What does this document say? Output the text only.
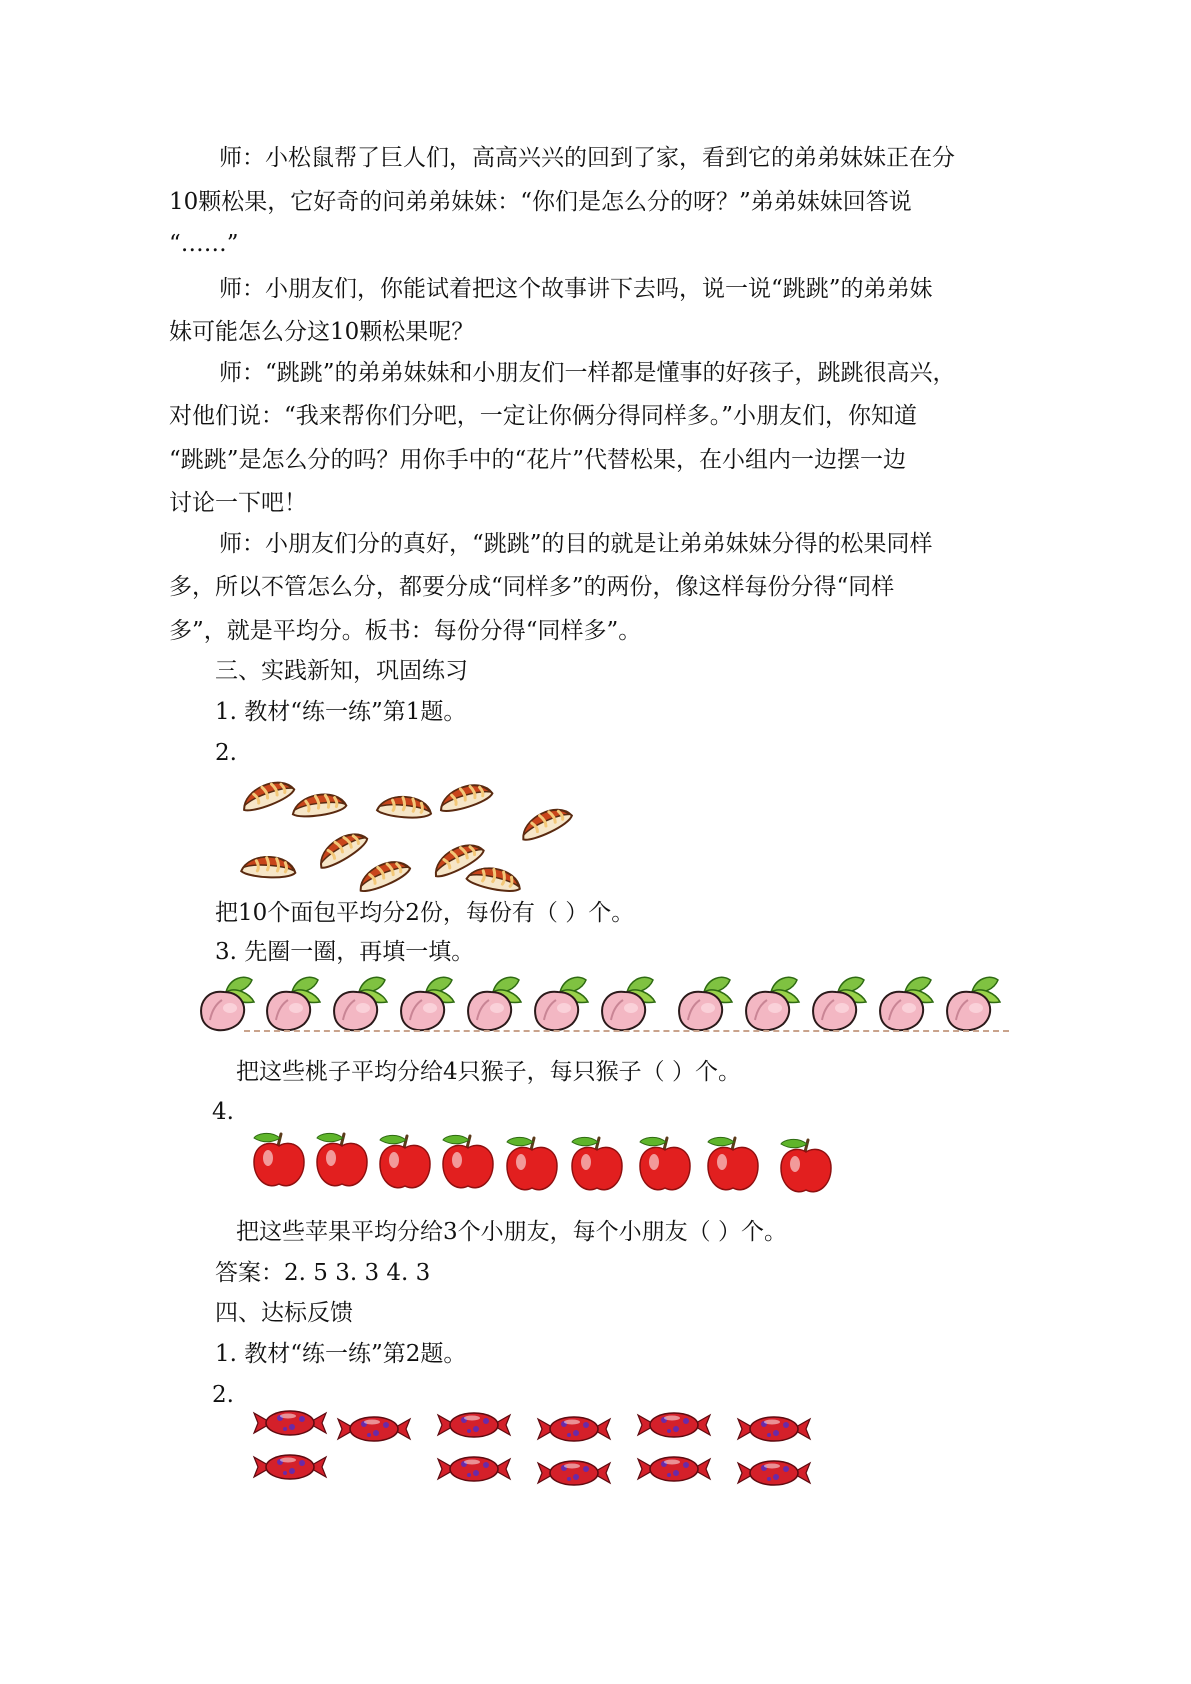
师：小松鼠帮了巨人们，高高兴兴的回到了家，看到它的弟弟妹妹正在分
10颗松果，它好奇的问弟弟妹妹：“你们是怎么分的呀？”弟弟妹妹回答说
“……”
师：小朋友们，你能试着把这个故事讲下去吗，说一说“跳跳”的弟弟妹
妹可能怎么分这10颗松果呢？
师：“跳跳”的弟弟妹妹和小朋友们一样都是懂事的好孩子，跳跳很高兴，
对他们说：“我来帮你们分吧，一定让你俩分得同样多。”小朋友们，你知道
“跳跳”是怎么分的吗？用你手中的“花片”代替松果，在小组内一边摆一边
讨论一下吧！
师：小朋友们分的真好，“跳跳”的目的就是让弟弟妹妹分得的松果同样
多，所以不管怎么分，都要分成“同样多”的两份，像这样每份分得“同样
多”，就是平均分。板书：每份分得“同样多”。
三、实践新知，巩固练习
1. 教材“练一练”第1题。
2.
把10个面包平均分2份，每份有（ ）个。
3. 先圈一圈，再填一填。
把这些桃子平均分给4只猴子，每只猴子（ ）个。
4.
把这些苹果平均分给3个小朋友，每个小朋友（ ）个。
答案：2. 5 3. 3 4. 3
四、达标反馈
1. 教材“练一练”第2题。
2.
